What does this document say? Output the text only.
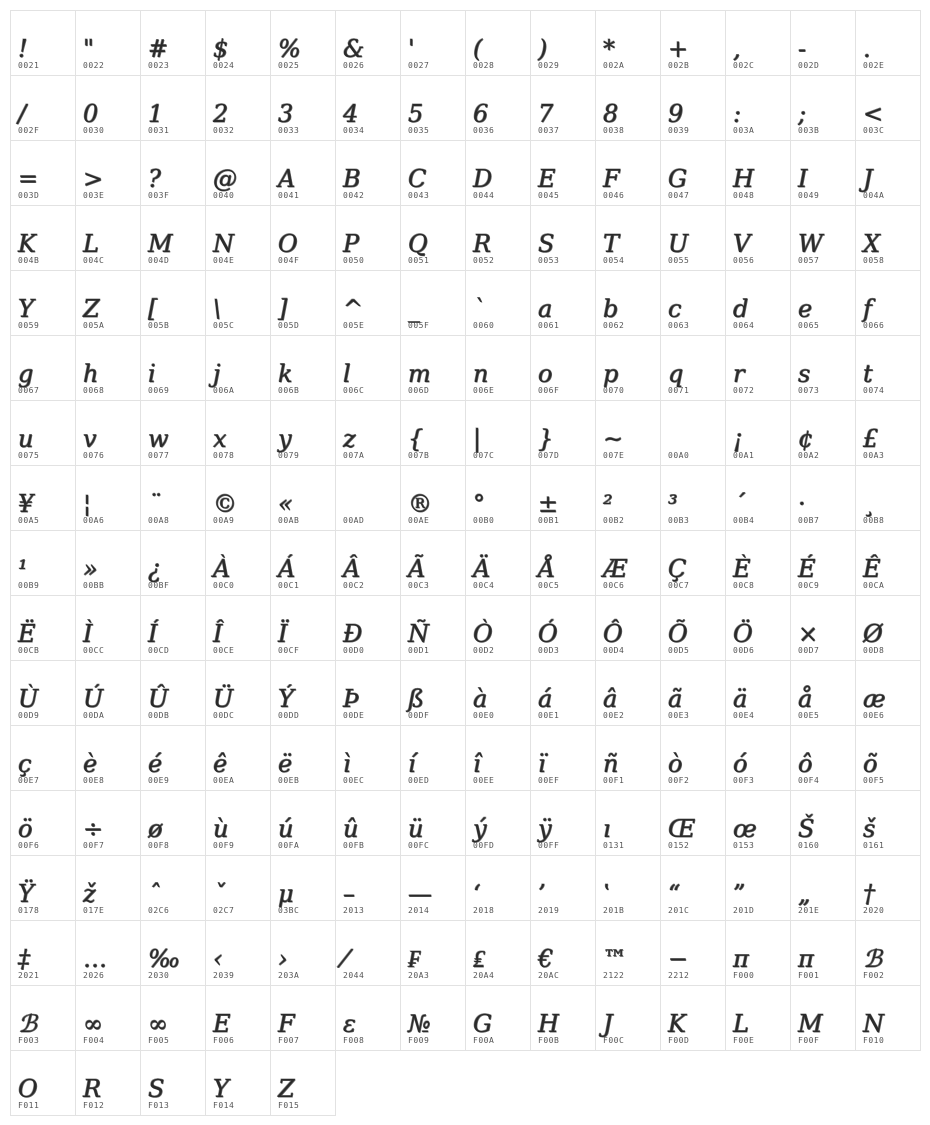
!
0021
"
0022
#
0023
$
0024
%
0025
&
0026
'
0027
(
0028
)
0029
*
002A
+
002B
,
002C
-
002D
.
002E
/
002F
0
0030
1
0031
2
0032
3
0033
4
0034
5
0035
6
0036
7
0037
8
0038
9
0039
:
003A
;
003B
<
003C
=
003D
>
003E
?
003F
@
0040
A
0041
B
0042
C
0043
D
0044
E
0045
F
0046
G
0047
H
0048
I
0049
J
004A
K
004B
L
004C
M
004D
N
004E
O
004F
P
0050
Q
0051
R
0052
S
0053
T
0054
U
0055
V
0056
W
0057
X
0058
Y
0059
Z
005A
[
005B
\
005C
]
005D
^
005E
_
005F
`
0060
a
0061
b
0062
c
0063
d
0064
e
0065
f
0066
g
0067
h
0068
i
0069
j
006A
k
006B
l
006C
m
006D
n
006E
o
006F
p
0070
q
0071
r
0072
s
0073
t
0074
u
0075
v
0076
w
0077
x
0078
y
0079
z
007A
{
007B
|
007C
}
007D
~
007E	00A0
¡
00A1
¢
00A2
£
00A3
¥
00A5
¦
00A6
¨
00A8
©
00A9
«
00AB	00AD
®
00AE
°
00B0
±
00B1
²
00B2
³
00B3
´
00B4
·
00B7
¸
00B8
¹
00B9
»
00BB
¿
00BF
À
00C0
Á
00C1
Â
00C2
Ã
00C3
Ä
00C4
Å
00C5
Æ
00C6
Ç
00C7
È
00C8
É
00C9
Ê
00CA
Ë
00CB
Ì
00CC
Í
00CD
Î
00CE
Ï
00CF
Ð
00D0
Ñ
00D1
Ò
00D2
Ó
00D3
Ô
00D4
Õ
00D5
Ö
00D6
×
00D7
Ø
00D8
Ù
00D9
Ú
00DA
Û
00DB
Ü
00DC
Ý
00DD
Þ
00DE
ß
00DF
à
00E0
á
00E1
â
00E2
ã
00E3
ä
00E4
å
00E5
æ
00E6
ç
00E7
è
00E8
é
00E9
ê
00EA
ë
00EB
ì
00EC
í
00ED
î
00EE
ï
00EF
ñ
00F1
ò
00F2
ó
00F3
ô
00F4
õ
00F5
ö
00F6
÷
00F7
ø
00F8
ù
00F9
ú
00FA
û
00FB
ü
00FC
ý
00FD
ÿ
00FF
ı
0131
Œ
0152
œ
0153
Š
0160
š
0161
Ÿ
0178
ž
017E
ˆ
02C6
ˇ
02C7
μ
03BC
–
2013
—
2014
‘
2018
’
2019
‛
201B
“
201C
”
201D
„
201E
†
2020
‡
2021
…
2026
‰
2030
‹
2039
›
203A
⁄
2044
₣
20A3
₤
20A4
€
20AC
™
2122
−
2212
π
F000
π
F001
ℬ
F002
ℬ
F003
∞
F004
∞
F005
E
F006
F
F007
ɛ
F008
№
F009
G
F00A
H
F00B
J
F00C
K
F00D
L
F00E
M
F00F
N
F010
O
F011
R
F012
S
F013
Y
F014
Z
F015
